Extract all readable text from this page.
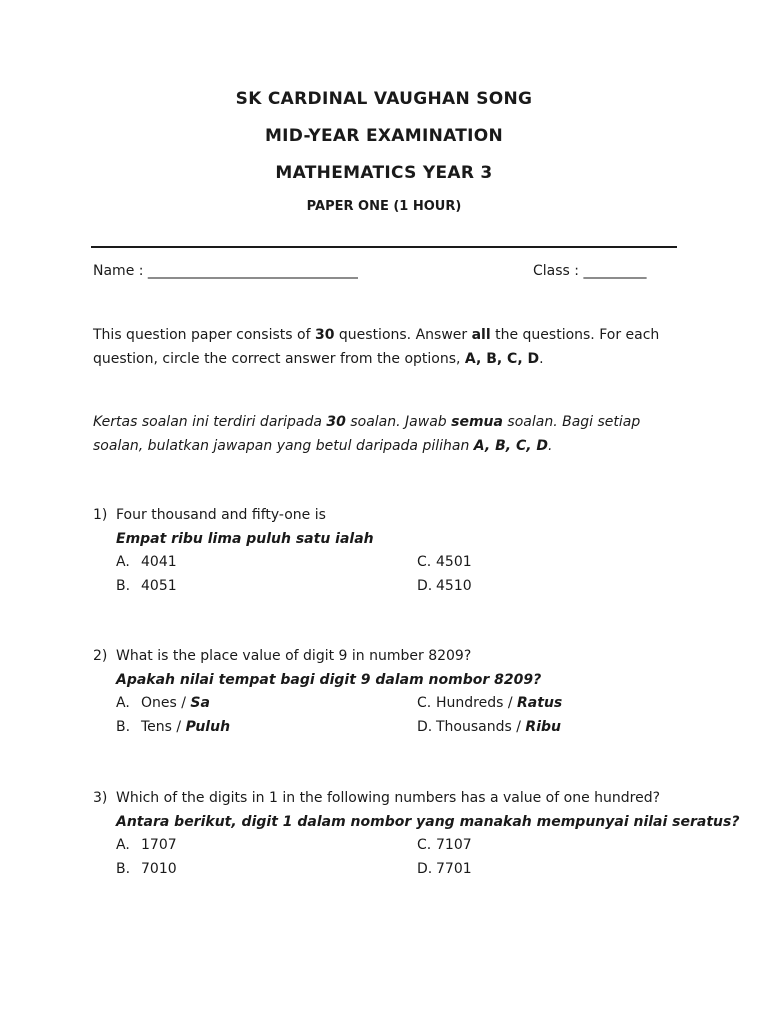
SK CARDINAL VAUGHAN SONG
MID-YEAR EXAMINATION
MATHEMATICS YEAR 3
PAPER ONE (1 HOUR)
Name : ______________________________	Class : _________
This question paper consists of 30 questions. Answer all the questions. For each question, circle the correct answer from the options, A, B, C, D.
Kertas soalan ini terdiri daripada 30 soalan. Jawab semua soalan. Bagi setiap soalan, bulatkan jawapan yang betul daripada pilihan A, B, C, D.
1) Four thousand and fifty-one is
Empat ribu lima puluh satu ialah
A. 4041	C. 4501
B. 4051	D. 4510
2) What is the place value of digit 9 in number 8209?
Apakah nilai tempat bagi digit 9 dalam nombor 8209?
A. Ones / Sa	C. Hundreds / Ratus
B. Tens / Puluh	D. Thousands / Ribu
3) Which of the digits in 1 in the following numbers has a value of one hundred?
Antara berikut, digit 1 dalam nombor yang manakah mempunyai nilai seratus?
A. 1707	C. 7107
B. 7010	D. 7701
